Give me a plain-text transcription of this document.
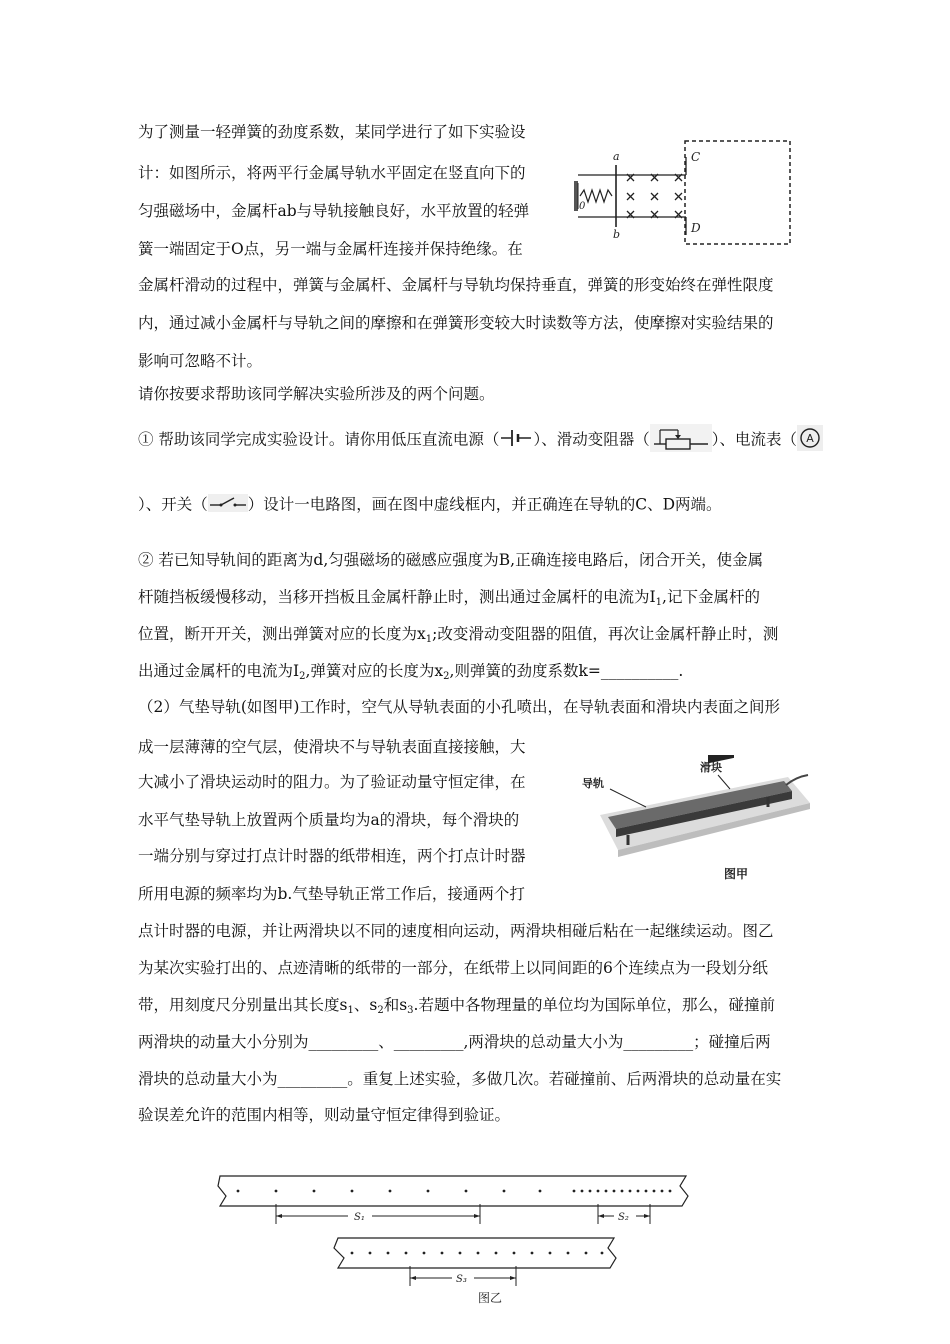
为了测量一轻弹簧的劲度系数，某同学进行了如下实验设
计：如图所示，将两平行金属导轨水平固定在竖直向下的
匀强磁场中，金属杆ab与导轨接触良好，水平放置的轻弹
簧一端固定于O点，另一端与金属杆连接并保持绝缘。在
金属杆滑动的过程中，弹簧与金属杆、金属杆与导轨均保持垂直，弹簧的形变始终在弹性限度
内，通过减小金属杆与导轨之间的摩擦和在弹簧形变较大时读数等方法，使摩擦对实验结果的
影响可忽略不计。
请你按要求帮助该同学解决实验所涉及的两个问题。
① 帮助该同学完成实验设计。请你用低压直流电源（ ）、滑动变阻器（	）、电流表（ A
）、开关（	）设计一电路图，画在图中虚线框内，并正确连在导轨的C、D两端。
② 若已知导轨间的距离为d,匀强磁场的磁感应强度为B,正确连接电路后，闭合开关，使金属
杆随挡板缓慢移动，当移开挡板且金属杆静止时，测出通过金属杆的电流为$I_1$,记下金属杆的
位置，断开开关，测出弹簧对应的长度为$x_1$;改变滑动变阻器的阻值，再次让金属杆静止时，测
出通过金属杆的电流为$I_2$,弹簧对应的长度为$x_2$,则弹簧的劲度系数k=__________.
（2）气垫导轨(如图甲)工作时，空气从导轨表面的小孔喷出，在导轨表面和滑块内表面之间形
成一层薄薄的空气层，使滑块不与导轨表面直接接触，大
大减小了滑块运动时的阻力。为了验证动量守恒定律，在
水平气垫导轨上放置两个质量均为a的滑块，每个滑块的
一端分别与穿过打点计时器的纸带相连，两个打点计时器
所用电源的频率均为b.气垫导轨正常工作后，接通两个打
点计时器的电源，并让两滑块以不同的速度相向运动，两滑块相碰后粘在一起继续运动。图乙
为某次实验打出的、点迹清晰的纸带的一部分，在纸带上以同间距的6个连续点为一段划分纸
带，用刻度尺分别量出其长度$s_1$、$s_2$和$s_3$.若题中各物理量的单位均为国际单位，那么，碰撞前
两滑块的动量大小分别为_________、_________,两滑块的总动量大小为_________；碰撞后两
滑块的总动量大小为_________。重复上述实验，多做几次。若碰撞前、后两滑块的总动量在实
验误差允许的范围内相等，则动量守恒定律得到验证。
a
b
C
D
0
导轨
滑块
图甲
S₁	S₂
S₃
图乙
